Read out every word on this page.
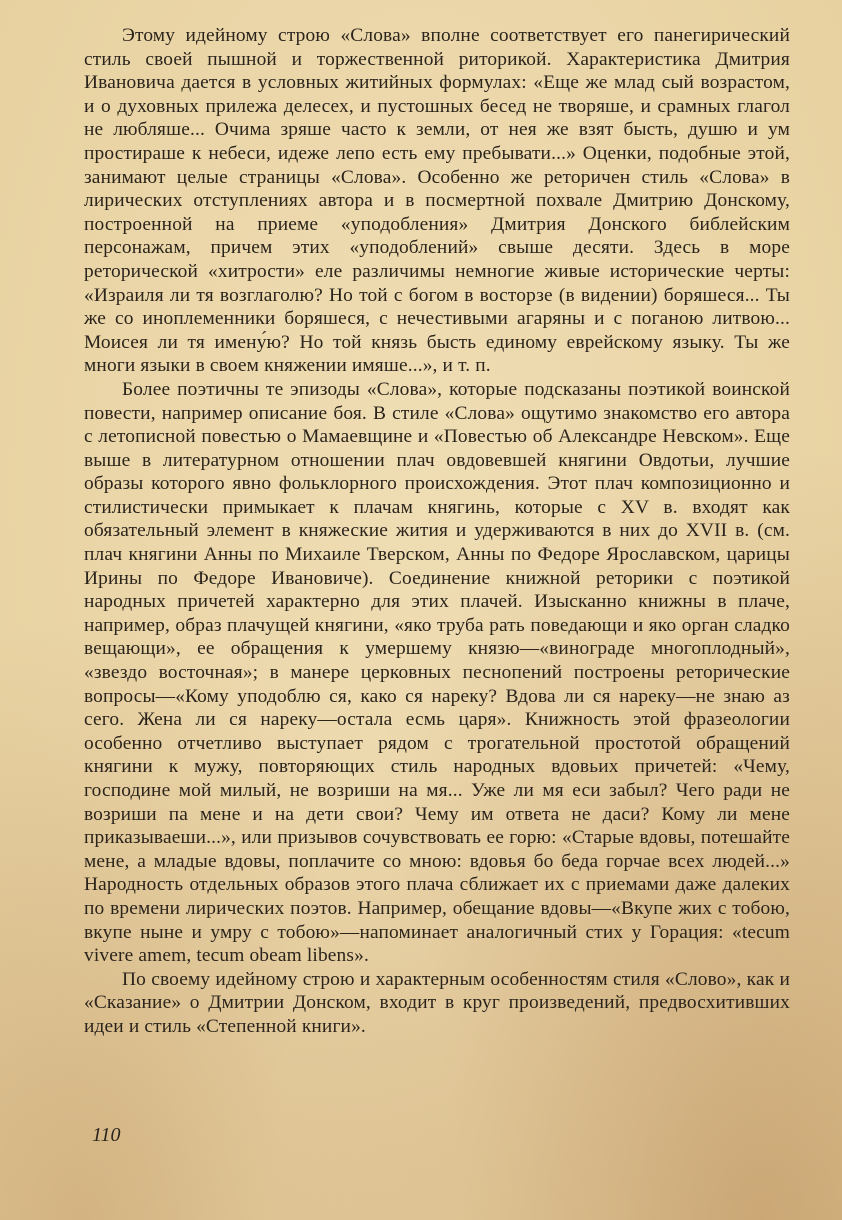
Этому идейному строю «Слова» вполне соответствует его панегирический стиль своей пышной и торжественной риторикой. Характеристика Дмитрия Ивановича дается в условных житийных формулах: «Еще же млад сый возрастом, и о духовных прилежа делесех, и пустошных бесед не творяше, и срамных глагол не любляше... Очима зряше часто к земли, от нея же взят бысть, душю и ум простираше к небеси, идеже лепо есть ему пребывати...» Оценки, подобные этой, занимают целые страницы «Слова». Особенно же реторичен стиль «Слова» в лирических отступлениях автора и в посмертной похвале Дмитрию Донскому, построенной на приеме «уподобления» Дмитрия Донского библейским персонажам, причем этих «уподоблений» свыше десяти. Здесь в море реторической «хитрости» еле различимы немногие живые исторические черты: «Израиля ли тя возглаголю? Но той с богом в восторзе (в видении) боряшеся... Ты же со иноплеменники боряшеся, с нечестивыми агаряны и с поганою литвою... Моисея ли тя имену́ю? Но той князь бысть единому еврейскому языку. Ты же многи языки в своем княжении имяше...», и т. п.

Более поэтичны те эпизоды «Слова», которые подсказаны поэтикой воинской повести, например описание боя. В стиле «Слова» ощутимо знакомство его автора с летописной повестью о Мамаевщине и «Повестью об Александре Невском». Еще выше в литературном отношении плач овдовевшей княгини Овдотьи, лучшие образы которого явно фольклорного происхождения. Этот плач композиционно и стилистически примыкает к плачам княгинь, которые с XV в. входят как обязательный элемент в княжеские жития и удерживаются в них до XVII в. (см. плач княгини Анны по Михаиле Тверском, Анны по Федоре Ярославском, царицы Ирины по Федоре Ивановиче). Соединение книжной реторики с поэтикой народных причетей характерно для этих плачей. Изысканно книжны в плаче, например, образ плачущей княгини, «яко труба рать поведающи и яко орган сладко вещающи», ее обращения к умершему князю—«винограде многоплодный», «звездо восточная»; в манере церковных песнопений построены реторические вопросы—«Кому уподоблю ся, како ся нареку? Вдова ли ся нареку—не знаю аз сего. Жена ли ся нареку—остала есмь царя». Книжность этой фразеологии особенно отчетливо выступает рядом с трогательной простотой обращений княгини к мужу, повторяющих стиль народных вдовьих причетей: «Чему, господине мой милый, не возриши на мя... Уже ли мя еси забыл? Чего ради не возриши па мене и на дети свои? Чему им ответа не даси? Кому ли мене приказываеши...», или призывов сочувствовать ее горю: «Старые вдовы, потешайте мене, а младые вдовы, поплачите со мною: вдовья бо беда горчае всех людей...» Народность отдельных образов этого плача сближает их с приемами даже далеких по времени лирических поэтов. Например, обещание вдовы—«Вкупе жих с тобою, вкупе ныне и умру с тобою»—напоминает аналогичный стих у Горация: «tecum vivere amem, tecum obeam libens».

По своему идейному строю и характерным особенностям стиля «Слово», как и «Сказание» о Дмитрии Донском, входит в круг произведений, предвосхитивших идеи и стиль «Степенной книги».

110
